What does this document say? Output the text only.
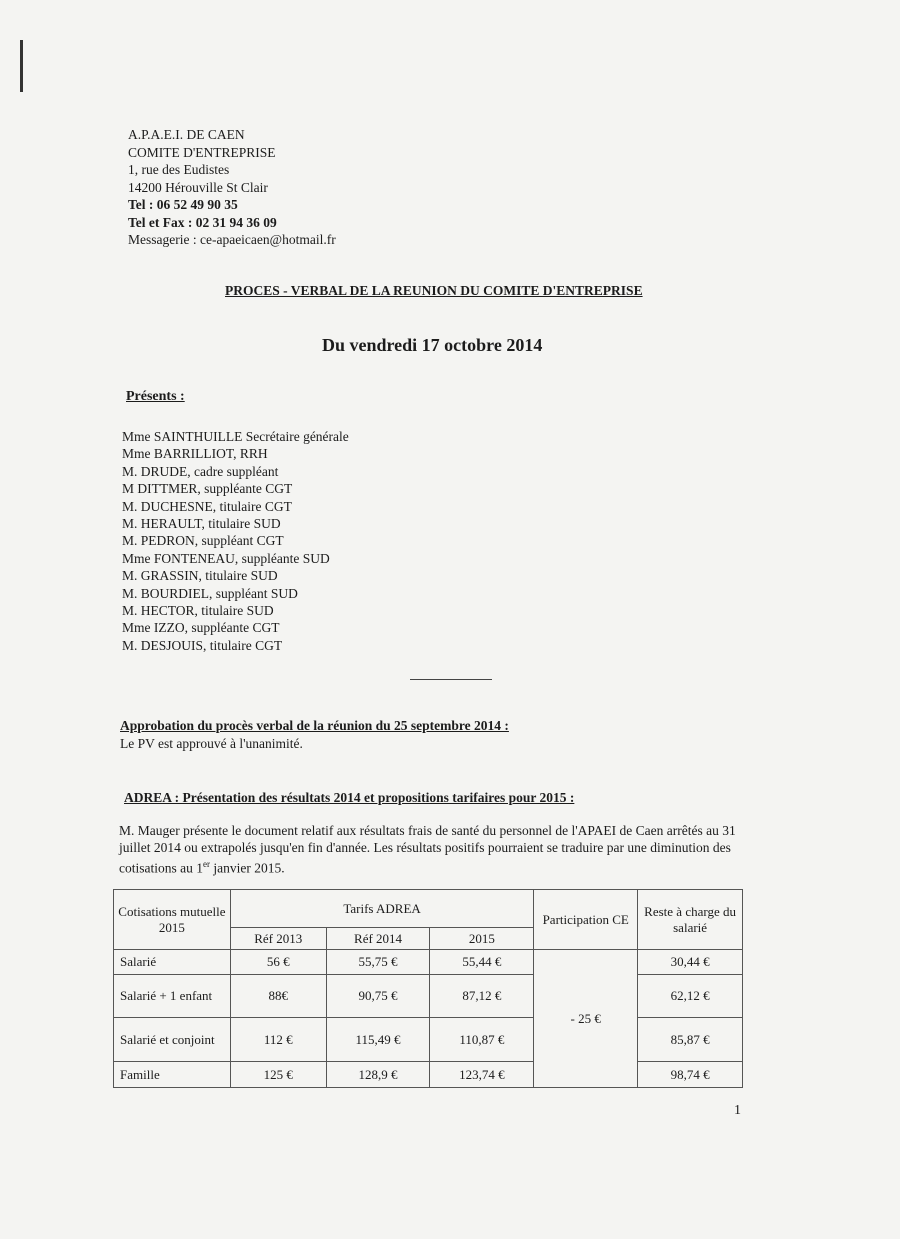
A.P.A.E.I. DE CAEN
COMITE D'ENTREPRISE
1, rue des Eudistes
14200 Hérouville St Clair
Tel : 06 52 49 90 35
Tel et Fax : 02 31 94 36 09
Messagerie : ce-apaeicaen@hotmail.fr
PROCES - VERBAL DE LA REUNION DU COMITE D'ENTREPRISE
Du vendredi 17 octobre 2014
Présents :
Mme SAINTHUILLE Secrétaire générale
Mme BARRILLIOT, RRH
M. DRUDE, cadre suppléant
M DITTMER, suppléante CGT
M. DUCHESNE, titulaire CGT
M. HERAULT, titulaire SUD
M. PEDRON, suppléant CGT
Mme FONTENEAU, suppléante SUD
M. GRASSIN, titulaire SUD
M. BOURDIEL, suppléant SUD
M. HECTOR, titulaire SUD
Mme IZZO, suppléante CGT
M. DESJOUIS, titulaire CGT
Approbation du procès verbal de la réunion du 25 septembre 2014 :
Le PV est approuvé à l'unanimité.
ADREA : Présentation des résultats 2014 et propositions tarifaires pour 2015 :
M. Mauger présente le document relatif aux résultats frais de santé du personnel de l'APAEI de Caen arrêtés au 31 juillet 2014 ou extrapolés jusqu'en fin d'année. Les résultats positifs pourraient se traduire par une diminution des cotisations au 1er janvier 2015.
Cotisations mutuelle 2015	Tarifs ADREA			Participation CE	Reste à charge du salarié
	Réf 2013	Réf 2014	2015		
Salarié	56 €	55,75 €	55,44 €	- 25 €	30,44 €
Salarié + 1 enfant	88€	90,75 €	87,12 €		62,12 €
Salarié et conjoint	112 €	115,49 €	110,87 €		85,87 €
Famille	125 €	128,9 €	123,74 €		98,74 €
1
